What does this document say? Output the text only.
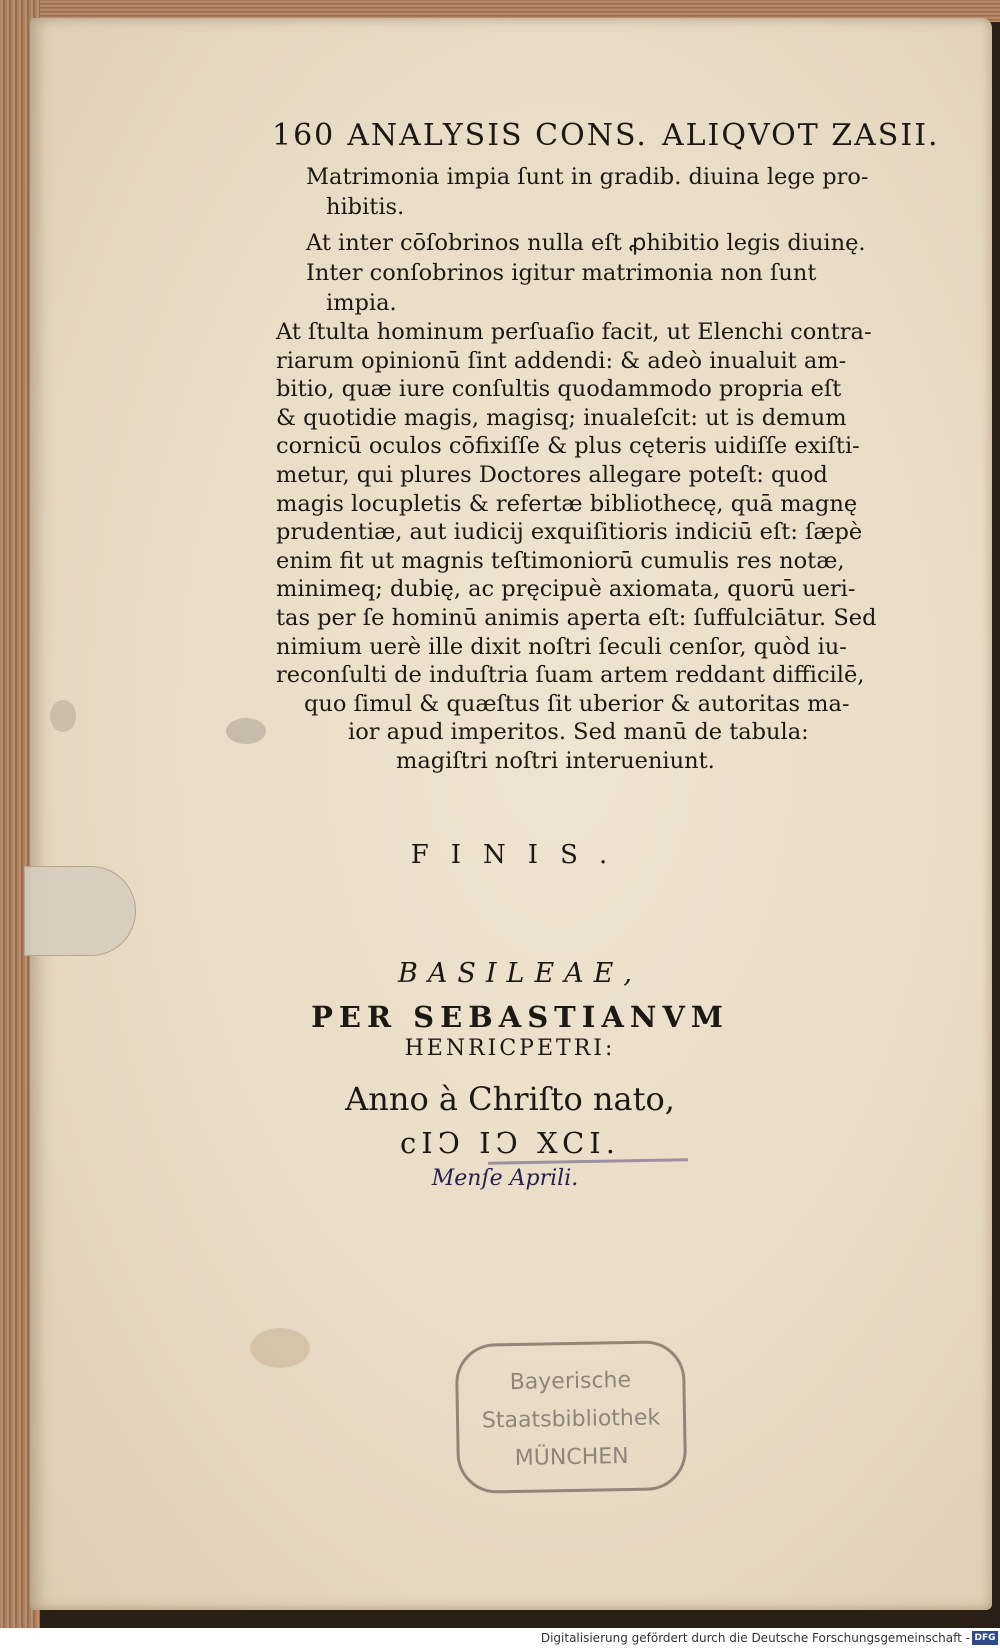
160 ANALYSIS CONS. ALIQVOT ZASII.
Matrimonia impia ſunt in gradib. diuina lege pro-
hibitis.
At inter cōſobrinos nulla eſt ꝓhibitio legis diuinę.
Inter conſobrinos igitur matrimonia non ſunt
impia.
At ſtulta hominum perſuaſio facit, ut Elenchi contra-
riarum opinionū ſint addendi: & adeò inualuit am-
bitio, quæ iure conſultis quodammodo propria eſt
& quotidie magis, magisq; inualeſcit: ut is demum
cornicū oculos cōfixiſſe & plus cęteris uidiſſe exiſti-
metur, qui plures Doctores allegare poteſt: quod
magis locupletis & refertæ bibliothecę, quā magnę
prudentiæ, aut iudicij exquiſitioris indiciū eſt: ſæpè
enim fit ut magnis teſtimoniorū cumulis res notæ,
minimeq; dubię, ac pręcipuè axiomata, quorū ueri-
tas per ſe hominū animis aperta eſt: ſuffulciātur. Sed
nimium uerè ille dixit noſtri ſeculi cenſor, quòd iu-
reconſulti de induſtria ſuam artem reddant difficilē,
quo ſimul & quæſtus ſit uberior & autoritas ma-
ior apud imperitos. Sed manū de tabula:
magiſtri noſtri interueniunt.
FINIS.
BASILEAE,
PER SEBASTIANVM
HENRICPETRI:
Anno à Chriſto nato,
cIↃ IↃ XCI.
Menſe Aprili.
Bayerische
Staatsbibliothek
MÜNCHEN
Digitalisierung gefördert durch die Deutsche Forschungsgemeinschaft - DFG
